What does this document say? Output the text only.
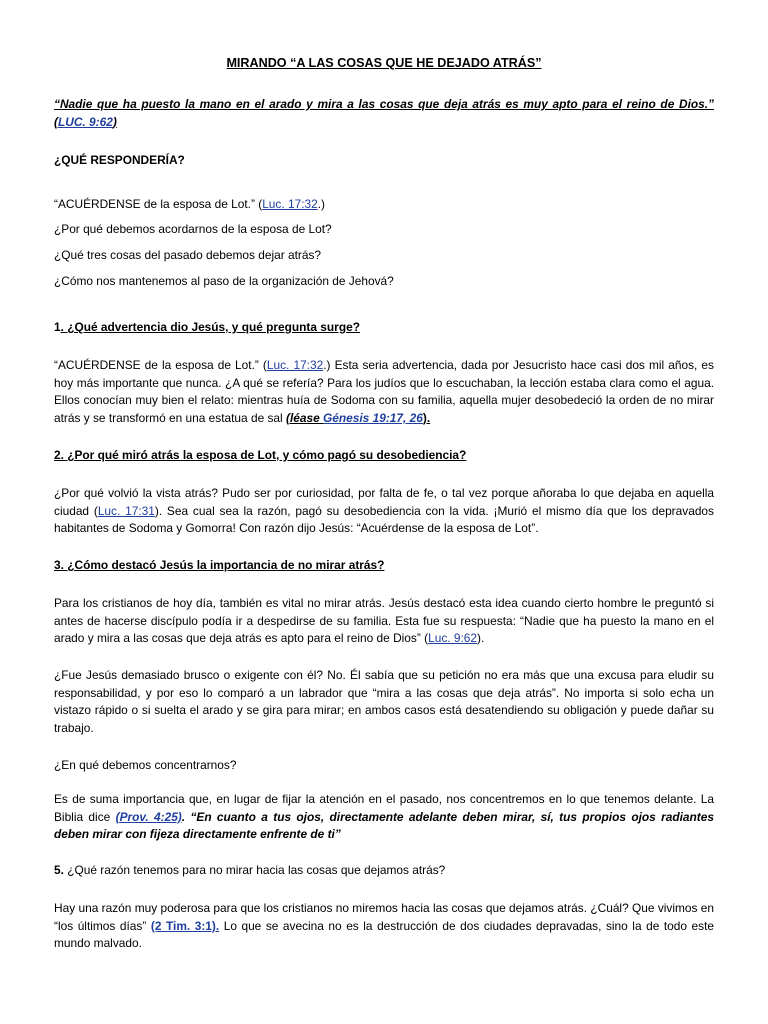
MIRANDO “A LAS COSAS QUE HE DEJADO ATRÁS”

“Nadie que ha puesto la mano en el arado y mira a las cosas que deja atrás es muy apto para el reino de Dios.” (LUC. 9:62)

¿QUÉ RESPONDERÍA?

“ACUÉRDENSE de la esposa de Lot.” (Luc. 17:32.)

¿Por qué debemos acordarnos de la esposa de Lot?

¿Qué tres cosas del pasado debemos dejar atrás?

¿Cómo nos mantenemos al paso de la organización de Jehová?

1. ¿Qué advertencia dio Jesús, y qué pregunta surge?

“ACUÉRDENSE de la esposa de Lot.” (Luc. 17:32.) Esta seria advertencia, dada por Jesucristo hace casi dos mil años, es hoy más importante que nunca. ¿A qué se refería? Para los judíos que lo escuchaban, la lección estaba clara como el agua. Ellos conocían muy bien el relato: mientras huía de Sodoma con su familia, aquella mujer desobedeció la orden de no mirar atrás y se transformó en una estatua de sal (léase Génesis 19:17, 26).

2. ¿Por qué miró atrás la esposa de Lot, y cómo pagó su desobediencia?

¿Por qué volvió la vista atrás? Pudo ser por curiosidad, por falta de fe, o tal vez porque añoraba lo que dejaba en aquella ciudad (Luc. 17:31). Sea cual sea la razón, pagó su desobediencia con la vida. ¡Murió el mismo día que los depravados habitantes de Sodoma y Gomorra! Con razón dijo Jesús: “Acuérdense de la esposa de Lot”.

3. ¿Cómo destacó Jesús la importancia de no mirar atrás?

Para los cristianos de hoy día, también es vital no mirar atrás. Jesús destacó esta idea cuando cierto hombre le preguntó si antes de hacerse discípulo podía ir a despedirse de su familia. Esta fue su respuesta: “Nadie que ha puesto la mano en el arado y mira a las cosas que deja atrás es apto para el reino de Dios” (Luc. 9:62).

¿Fue Jesús demasiado brusco o exigente con él? No. Él sabía que su petición no era más que una excusa para eludir su responsabilidad, y por eso lo comparó a un labrador que “mira a las cosas que deja atrás”. No importa si solo echa un vistazo rápido o si suelta el arado y se gira para mirar; en ambos casos está desatendiendo su obligación y puede dañar su trabajo.

¿En qué debemos concentrarnos?

Es de suma importancia que, en lugar de fijar la atención en el pasado, nos concentremos en lo que tenemos delante. La Biblia dice (Prov. 4:25). “En cuanto a tus ojos, directamente adelante deben mirar, sí, tus propios ojos radiantes deben mirar con fijeza directamente enfrente de ti”

5. ¿Qué razón tenemos para no mirar hacia las cosas que dejamos atrás?

Hay una razón muy poderosa para que los cristianos no miremos hacia las cosas que dejamos atrás. ¿Cuál? Que vivimos en “los últimos días” (2 Tim. 3:1). Lo que se avecina no es la destrucción de dos ciudades depravadas, sino la de todo este mundo malvado.
